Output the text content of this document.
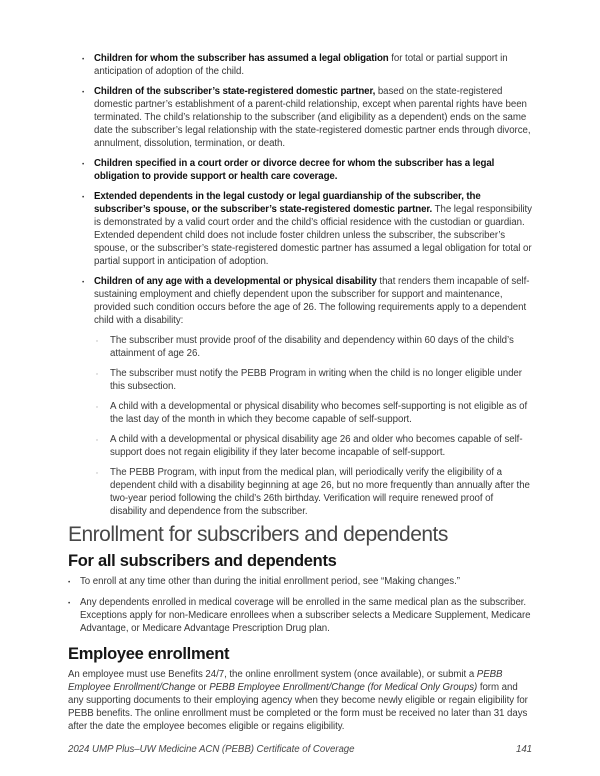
•	Children for whom the subscriber has assumed a legal obligation for total or partial support in anticipation of adoption of the child.
•	Children of the subscriber’s state-registered domestic partner, based on the state-registered domestic partner’s establishment of a parent-child relationship, except when parental rights have been terminated. The child’s relationship to the subscriber (and eligibility as a dependent) ends on the same date the subscriber’s legal relationship with the state-registered domestic partner ends through divorce, annulment, dissolution, termination, or death.
•	Children specified in a court order or divorce decree for whom the subscriber has a legal obligation to provide support or health care coverage.
•	Extended dependents in the legal custody or legal guardianship of the subscriber, the subscriber’s spouse, or the subscriber’s state-registered domestic partner. The legal responsibility is demonstrated by a valid court order and the child’s official residence with the custodian or guardian. Extended dependent child does not include foster children unless the subscriber, the subscriber’s spouse, or the subscriber’s state-registered domestic partner has assumed a legal obligation for total or partial support in anticipation of adoption.
•	Children of any age with a developmental or physical disability that renders them incapable of self-sustaining employment and chiefly dependent upon the subscriber for support and maintenance, provided such condition occurs before the age of 26. The following requirements apply to a dependent child with a disability:
◦	The subscriber must provide proof of the disability and dependency within 60 days of the child’s attainment of age 26.
◦	The subscriber must notify the PEBB Program in writing when the child is no longer eligible under this subsection.
◦	A child with a developmental or physical disability who becomes self-supporting is not eligible as of the last day of the month in which they become capable of self-support.
◦	A child with a developmental or physical disability age 26 and older who becomes capable of self-support does not regain eligibility if they later become incapable of self-support.
◦	The PEBB Program, with input from the medical plan, will periodically verify the eligibility of a dependent child with a disability beginning at age 26, but no more frequently than annually after the two-year period following the child’s 26th birthday. Verification will require renewed proof of disability and dependence from the subscriber.
Enrollment for subscribers and dependents
For all subscribers and dependents
•	To enroll at any time other than during the initial enrollment period, see “Making changes.”
•	Any dependents enrolled in medical coverage will be enrolled in the same medical plan as the subscriber. Exceptions apply for non-Medicare enrollees when a subscriber selects a Medicare Supplement, Medicare Advantage, or Medicare Advantage Prescription Drug plan.
Employee enrollment

An employee must use Benefits 24/7, the online enrollment system (once available), or submit a PEBB Employee Enrollment/Change or PEBB Employee Enrollment/Change (for Medical Only Groups) form and any supporting documents to their employing agency when they become newly eligible or regain eligibility for PEBB benefits. The online enrollment must be completed or the form must be received no later than 31 days after the date the employee becomes eligible or regains eligibility.

2024 UMP Plus–UW Medicine ACN (PEBB) Certificate of Coverage	141
